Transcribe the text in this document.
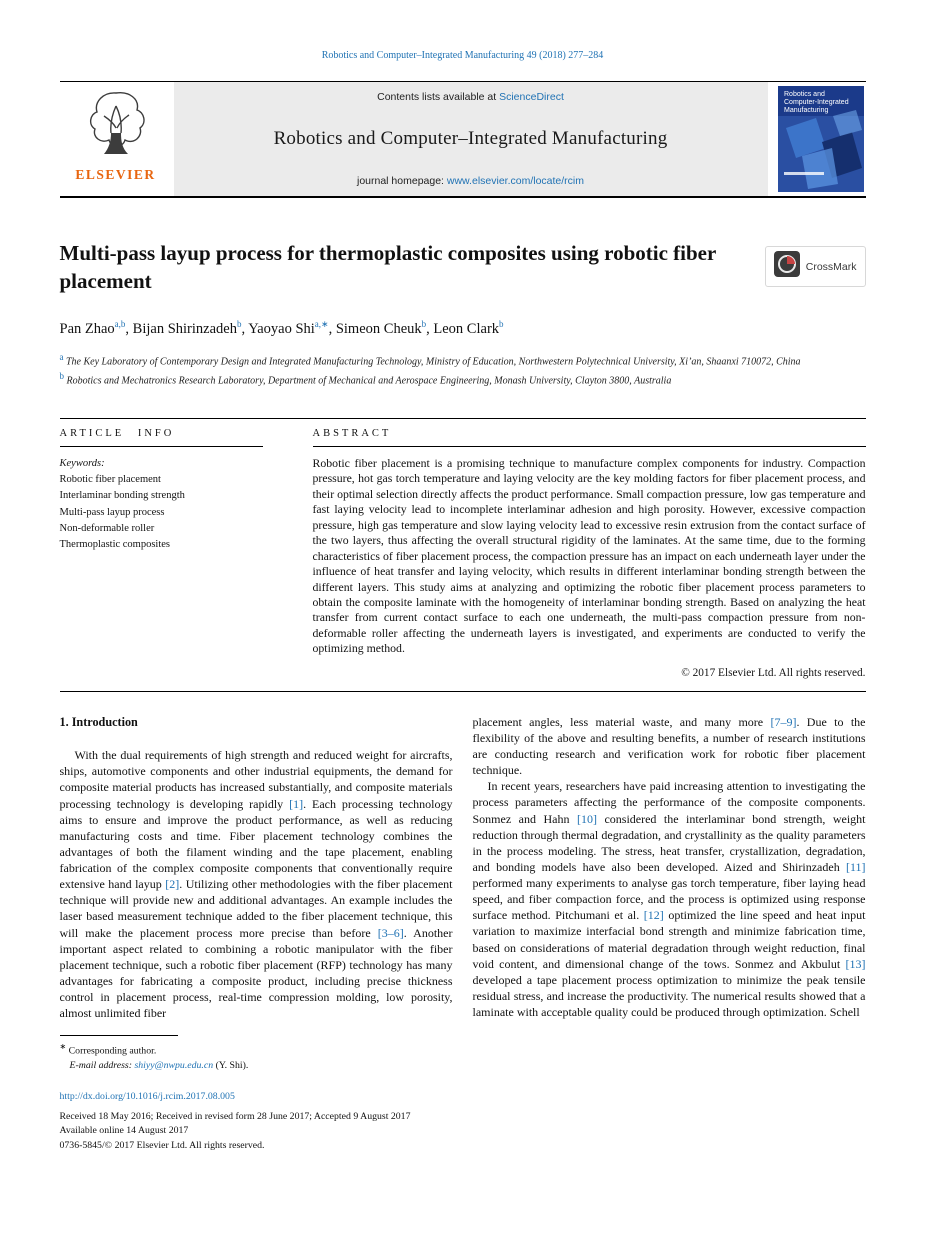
Robotics and Computer–Integrated Manufacturing 49 (2018) 277–284
ELSEVIER
Contents lists available at ScienceDirect
Robotics and Computer–Integrated Manufacturing
journal homepage: www.elsevier.com/locate/rcim
Robotics and
Computer-Integrated
Manufacturing
Multi-pass layup process for thermoplastic composites using robotic fiber placement
CrossMark
Pan Zhao$^{a,b}$, Bijan Shirinzadeh$^b$, Yaoyao Shi$^{a,∗}$, Simeon Cheuk$^b$, Leon Clark$^b$
$^a$ The Key Laboratory of Contemporary Design and Integrated Manufacturing Technology, Ministry of Education, Northwestern Polytechnical University, Xi’an, Shaanxi 710072, China
$^b$ Robotics and Mechatronics Research Laboratory, Department of Mechanical and Aerospace Engineering, Monash University, Clayton 3800, Australia
ARTICLE INFO
Keywords:
Robotic fiber placement
Interlaminar bonding strength
Multi-pass layup process
Non-deformable roller
Thermoplastic composites
ABSTRACT
Robotic fiber placement is a promising technique to manufacture complex components for industry. Compaction pressure, hot gas torch temperature and laying velocity are the key molding factors for fiber placement process, and their optimal selection directly affects the product performance. Small compaction pressure, low gas temperature and fast laying velocity lead to incomplete interlaminar adhesion and high porosity. However, excessive compaction pressure, high gas temperature and slow laying velocity lead to excessive resin extrusion from the contact surface of the two layers, thus affecting the overall structural rigidity of the laminates. At the same time, due to the forming characteristics of fiber placement process, the compaction pressure has an impact on each underneath layer under the influence of heat transfer and laying velocity, which results in different interlaminar bonding strength between the different layers. This study aims at analyzing and optimizing the robotic fiber placement process parameters to obtain the composite laminate with the homogeneity of interlaminar bonding strength. Based on analyzing the heat transfer from current contact surface to each one underneath, the multi-pass compaction pressure from non-deformable roller affecting the underneath layers is investigated, and experiments are conducted to verify the optimizing method.
© 2017 Elsevier Ltd. All rights reserved.
1. Introduction

With the dual requirements of high strength and reduced weight for aircrafts, ships, automotive components and other industrial equipments, the demand for composite material products has increased substantially, and composite materials processing technology is developing rapidly [1]. Each processing technology aims to ensure and improve the product performance, as well as reducing manufacturing costs and time. Fiber placement technology combines the advantages of both the filament winding and the tape placement, enabling fabrication of the complex composite components that conventionally require extensive hand layup [2]. Utilizing other methodologies with the fiber placement technique will provide new and additional advantages. An example includes the laser based measurement technique added to the fiber placement technique, this will make the placement process more precise than before [3–6]. Another important aspect related to combining a robotic manipulator with the fiber placement technique, such a robotic fiber placement (RFP) technology has many advantages for fabricating a composite product, including precise thickness control in placement process, real-time compression molding, low porosity, almost unlimited fiber

∗ Corresponding author.
E-mail address: shiyy@nwpu.edu.cn (Y. Shi).
http://dx.doi.org/10.1016/j.rcim.2017.08.005
Received 18 May 2016; Received in revised form 28 June 2017; Accepted 9 August 2017
Available online 14 August 2017
0736-5845/© 2017 Elsevier Ltd. All rights reserved.

placement angles, less material waste, and many more [7–9]. Due to the flexibility of the above and resulting benefits, a number of research institutions are conducting research and verification work for robotic fiber placement technique.

In recent years, researchers have paid increasing attention to investigating the process parameters affecting the performance of the composite components. Sonmez and Hahn [10] considered the interlaminar bond strength, weight reduction through thermal degradation, and crystallinity as the quality parameters in the process modeling. The stress, heat transfer, crystallization, degradation, and bonding models have also been developed. Aized and Shirinzadeh [11] performed many experiments to analyse gas torch temperature, fiber laying head speed, and fiber compaction force, and the process is optimized using response surface method. Pitchumani et al. [12] optimized the line speed and heat input variation to maximize interfacial bond strength and minimize fabrication time, based on considerations of material degradation through weight reduction, final void content, and dimensional change of the tows. Sonmez and Akbulut [13] developed a tape placement process optimization to minimize the peak tensile residual stress, and increase the productivity. The numerical results showed that a laminate with acceptable quality could be produced through optimization. Schell
